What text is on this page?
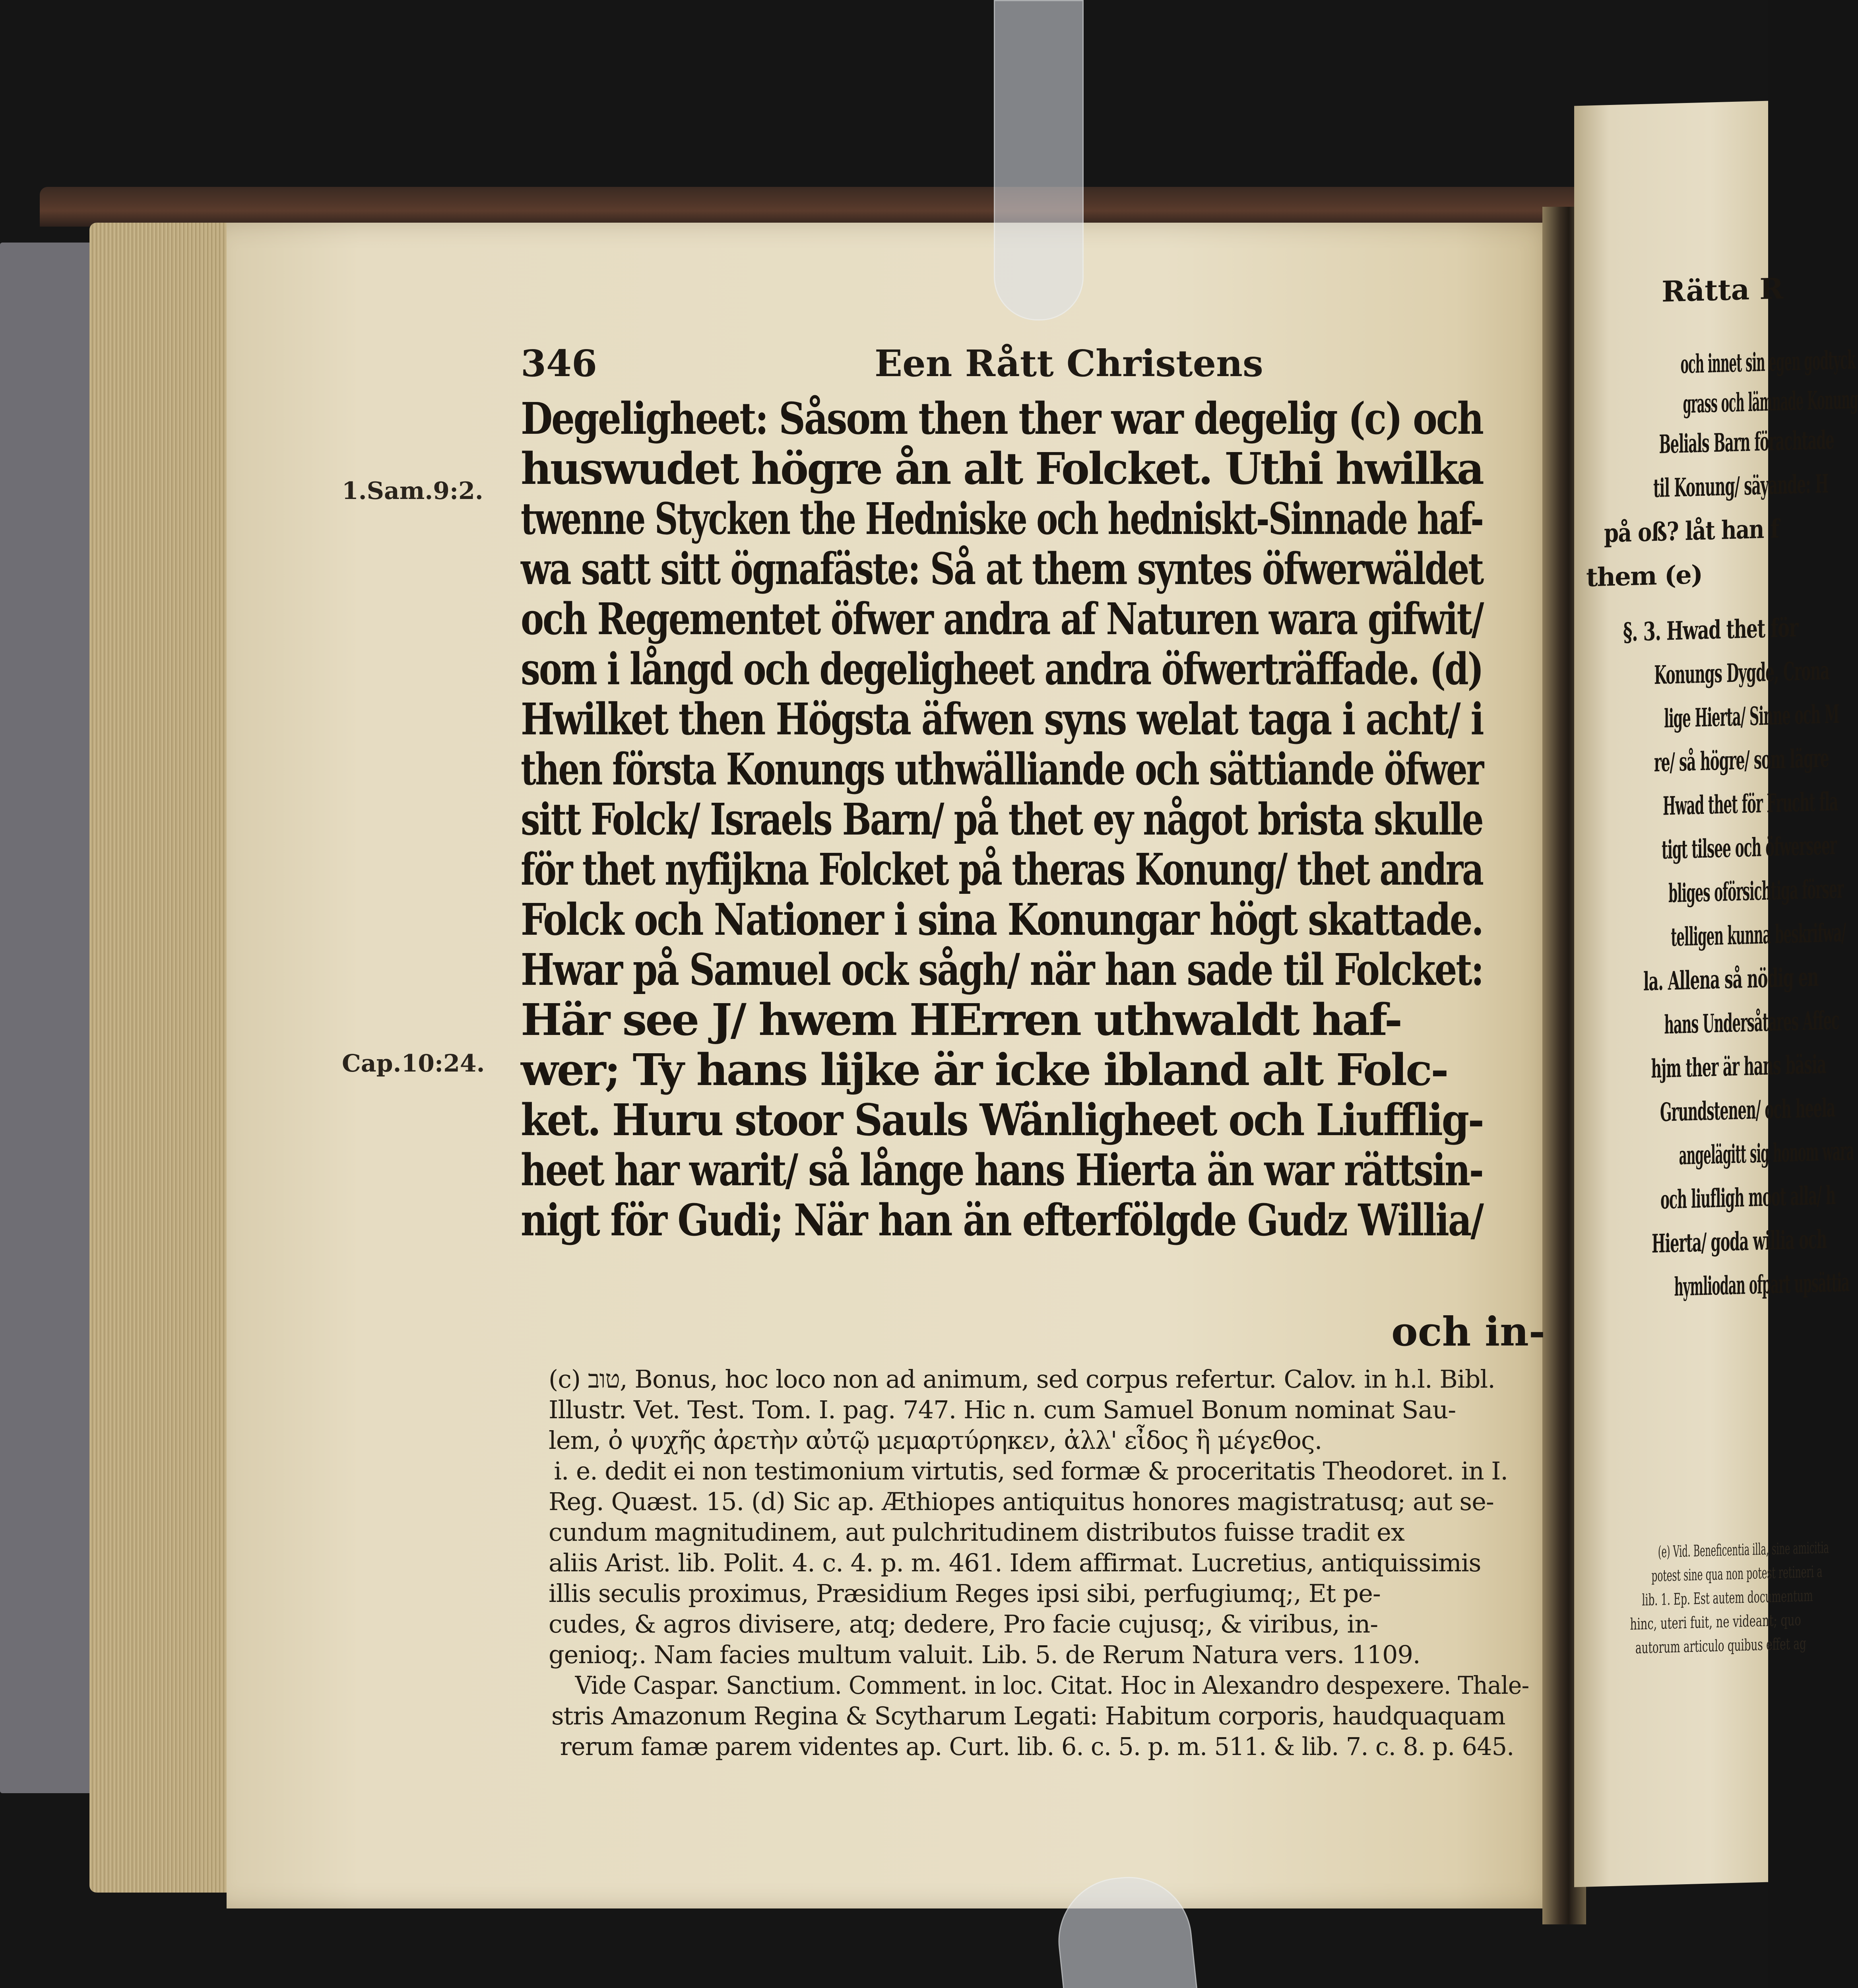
Rätta R
och innet sin egen godtyck
grass och lämnade Konung
Belials Barn förachtade
til Konung/ säyande: H
på oß? låt han f
them (e)
§. 3. Hwad thet för
Konungs Dygde, Crona
lige Hierta/ Sinne och M
re/ så högre/ som lägre
Hwad thet för Frucht fla
tigt tilsee och öfwerseer
bliges oförsichtiga förser
telligen kunna beskrifwa/
la. Allena så nödig en
hans Undersåtares Affec
hjm ther är hans bäsia
Grundstenen/ och heela
angelägitt sig honom wara
och liufligh moot alla/ h
Hierta/ goda willia och
hymliodan ofpart upsättia
(e) Vid. Beneficentia illa, sine amicitia
potest sine qua non potest retineri a
lib. 1. Ep. Est autem documentum
hinc, uteri fuit, ne videant; quo
autorum articulo quibus effet ag
346	Een Rått Christens
1.Sam.9:2.
Cap.10:24.
Degeligheet: Såsom then ther war degelig (c) och
huswudet högre ån alt Folcket. Uthi hwilka
twenne Stycken the Hedniske och hedniskt-Sinnade haf-
wa satt sitt ögnafäste: Så at them syntes öfwerwäldet
och Regementet öfwer andra af Naturen wara gifwit/
som i långd och degeligheet andra öfwerträffade. (d)
Hwilket then Högsta äfwen syns welat taga i acht/ i
then första Konungs uthwälliande och sättiande öfwer
sitt Folck/ Israels Barn/ på thet ey något brista skulle
för thet nyfijkna Folcket på theras Konung/ thet andra
Folck och Nationer i sina Konungar högt skattade.
Hwar på Samuel ock sågh/ när han sade til Folcket:
Här see J/ hwem HErren uthwaldt haf-
wer; Ty hans lijke är icke ibland alt Folc-
ket. Huru stoor Sauls Wänligheet och Liufflig-
heet har warit/ så långe hans Hierta än war rättsin-
nigt för Gudi; När han än efterfölgde Gudz Willia/
och in-
(c) טוב, Bonus, hoc loco non ad animum, sed corpus refertur. Calov. in h.l. Bibl.
Illustr. Vet. Test. Tom. I. pag. 747. Hic n. cum Samuel Bonum nominat Sau-
lem, ὀ ψυχῆς ἀρετὴν αὐτῷ μεμαρτύρηκεν, ἀλλ' εἶδος ἢ μέγεθος.
i. e. dedit ei non testimonium virtutis, sed formæ & proceritatis Theodoret. in I.
Reg. Quæst. 15. (d) Sic ap. Æthiopes antiquitus honores magistratusq; aut se-
cundum magnitudinem, aut pulchritudinem distributos fuisse tradit ex
aliis Arist. lib. Polit. 4. c. 4. p. m. 461. Idem affirmat. Lucretius, antiquissimis
illis seculis proximus, Præsidium Reges ipsi sibi, perfugiumq;, Et pe-
cudes, & agros divisere, atq; dedere, Pro facie cujusq;, & viribus, in-
genioq;. Nam facies multum valuit. Lib. 5. de Rerum Natura vers. 1109.
Vide Caspar. Sanctium. Comment. in loc. Citat. Hoc in Alexandro despexere. Thale-
stris Amazonum Regina & Scytharum Legati: Habitum corporis, haudquaquam
rerum famæ parem videntes ap. Curt. lib. 6. c. 5. p. m. 511. & lib. 7. c. 8. p. 645.
